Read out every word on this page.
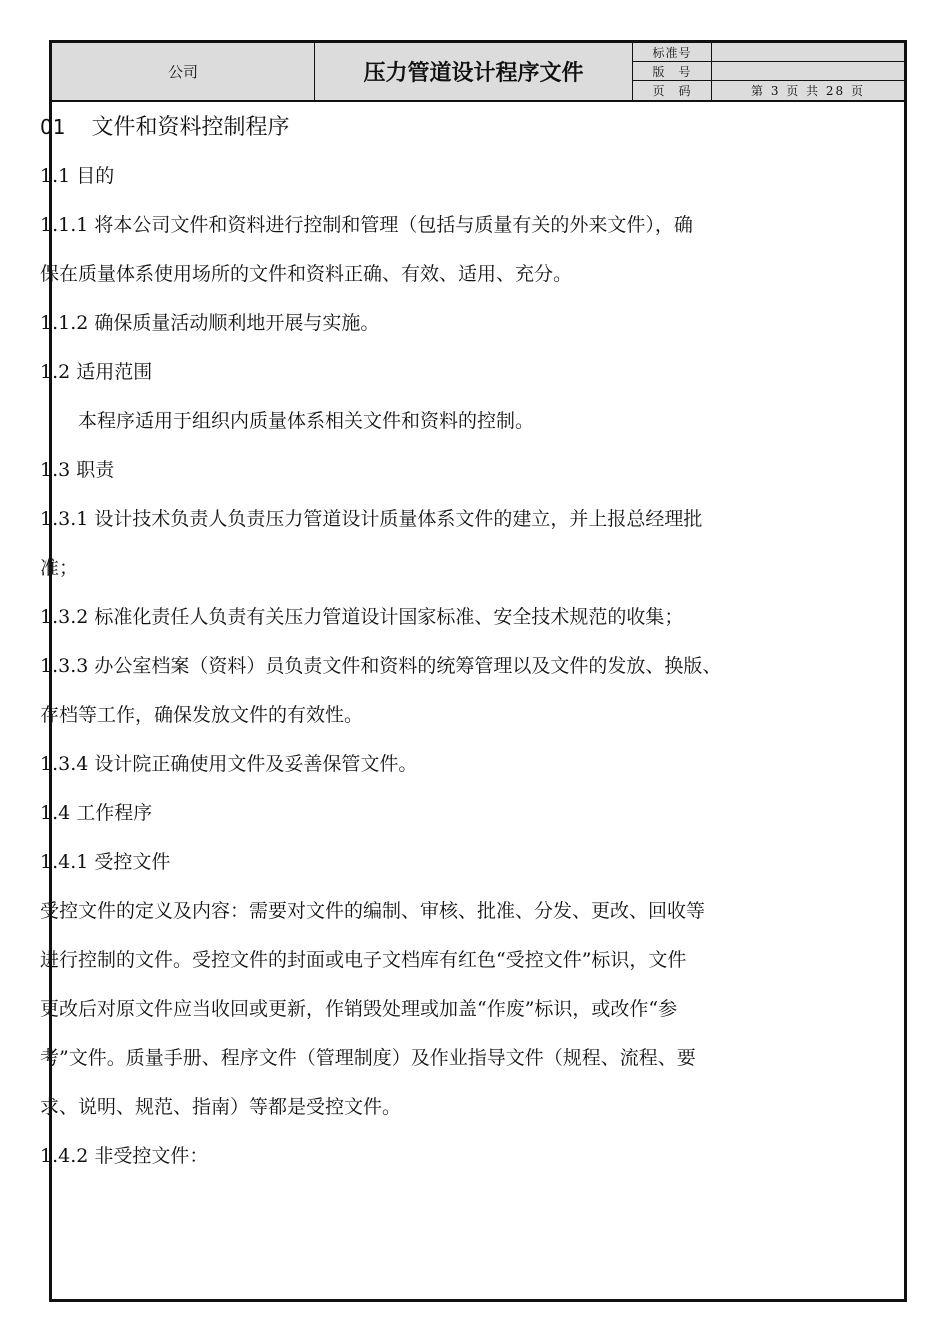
公司	压力管道设计程序文件
标准号
版　号
页　码	第 3 页 共 28 页
01 文件和资料控制程序
1.1 目的
1.1.1 将本公司文件和资料进行控制和管理（包括与质量有关的外来文件），确
保在质量体系使用场所的文件和资料正确、有效、适用、充分。
1.1.2 确保质量活动顺利地开展与实施。
1.2 适用范围
本程序适用于组织内质量体系相关文件和资料的控制。
1.3 职责
1.3.1 设计技术负责人负责压力管道设计质量体系文件的建立，并上报总经理批
准；
1.3.2 标准化责任人负责有关压力管道设计国家标准、安全技术规范的收集；
1.3.3 办公室档案（资料）员负责文件和资料的统筹管理以及文件的发放、换版、
存档等工作，确保发放文件的有效性。
1.3.4 设计院正确使用文件及妥善保管文件。
1.4 工作程序
1.4.1 受控文件
受控文件的定义及内容：需要对文件的编制、审核、批准、分发、更改、回收等
进行控制的文件。受控文件的封面或电子文档库有红色“受控文件”标识，文件
更改后对原文件应当收回或更新，作销毁处理或加盖“作废”标识，或改作“参
考”文件。质量手册、程序文件（管理制度）及作业指导文件（规程、流程、要
求、说明、规范、指南）等都是受控文件。
1.4.2 非受控文件：
